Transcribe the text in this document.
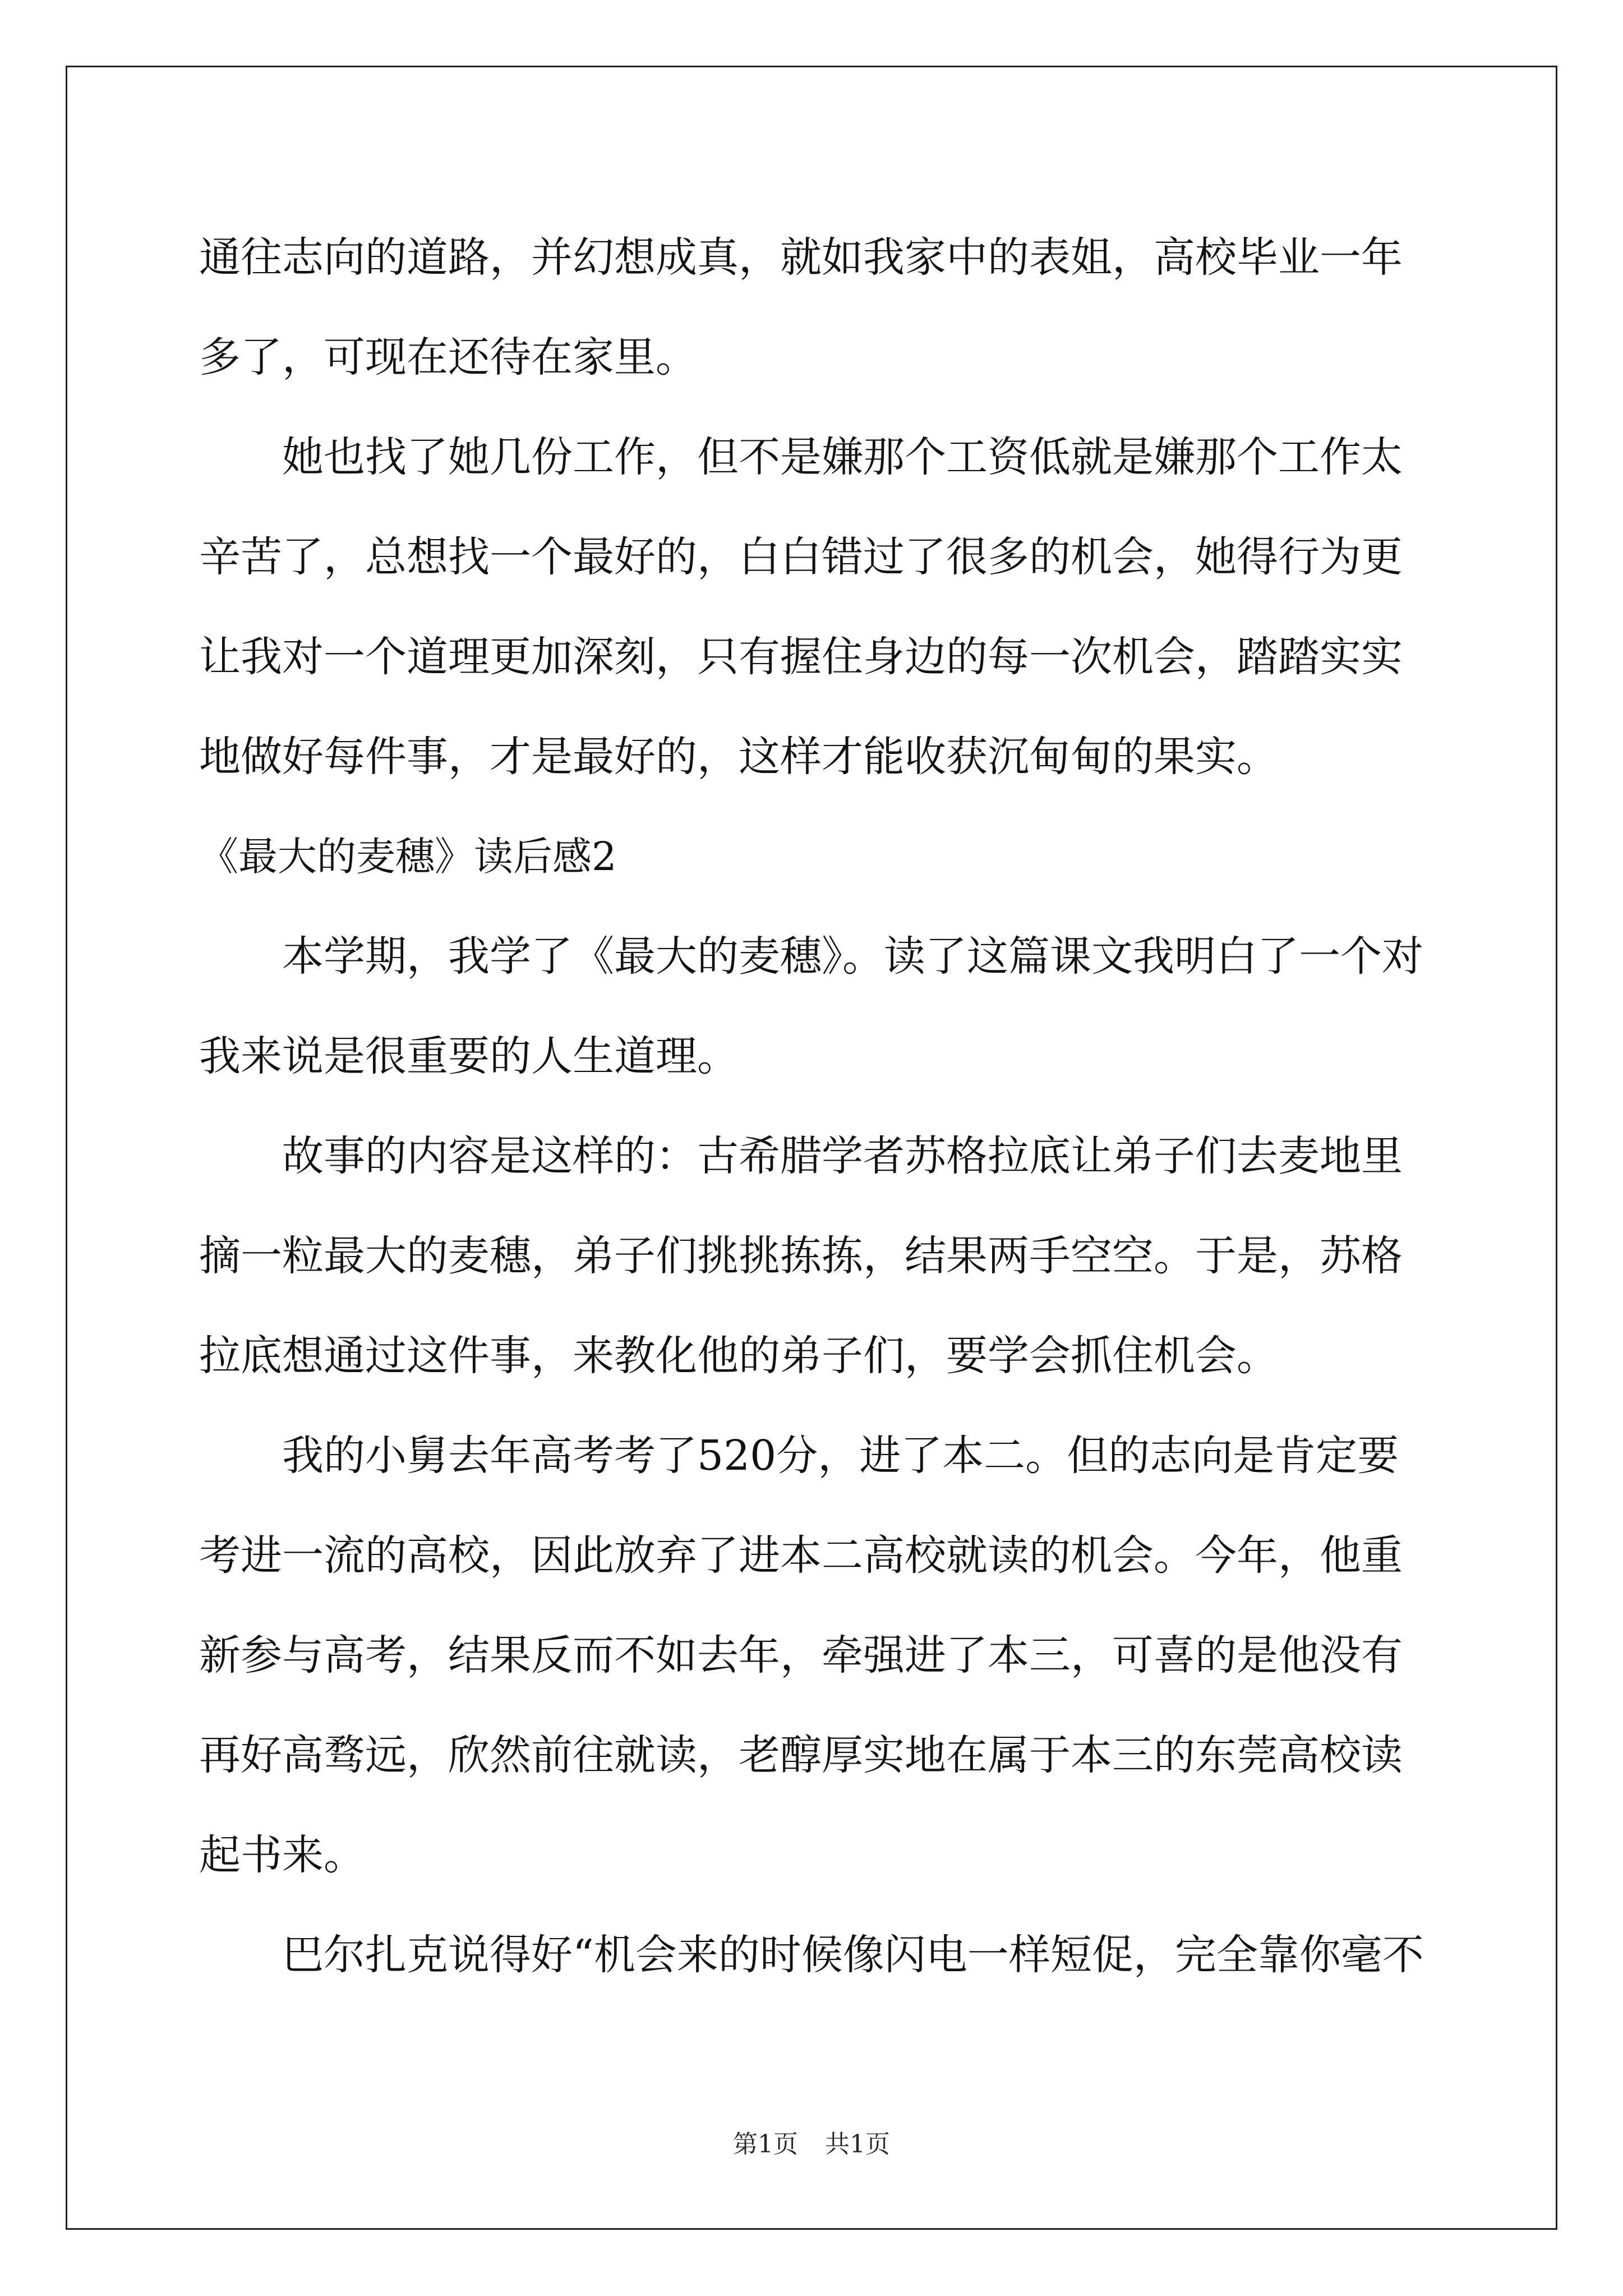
通往志向的道路，并幻想成真，就如我家中的表姐，高校毕业一年多了，可现在还待在家里。

她也找了她几份工作，但不是嫌那个工资低就是嫌那个工作太辛苦了，总想找一个最好的，白白错过了很多的机会，她得行为更让我对一个道理更加深刻，只有握住身边的每一次机会，踏踏实实地做好每件事，才是最好的，这样才能收获沉甸甸的果实。

《最大的麦穗》读后感2

本学期，我学了《最大的麦穗》。读了这篇课文我明白了一个对我来说是很重要的人生道理。

故事的内容是这样的：古希腊学者苏格拉底让弟子们去麦地里摘一粒最大的麦穗，弟子们挑挑拣拣，结果两手空空。于是，苏格拉底想通过这件事，来教化他的弟子们，要学会抓住机会。

我的小舅去年高考考了520分，进了本二。但的志向是肯定要考进一流的高校，因此放弃了进本二高校就读的机会。今年，他重新参与高考，结果反而不如去年，牵强进了本三，可喜的是他没有再好高骛远，欣然前往就读，老醇厚实地在属于本三的东莞高校读起书来。

巴尔扎克说得好“机会来的时候像闪电一样短促，完全靠你毫不

第1页 共1页
